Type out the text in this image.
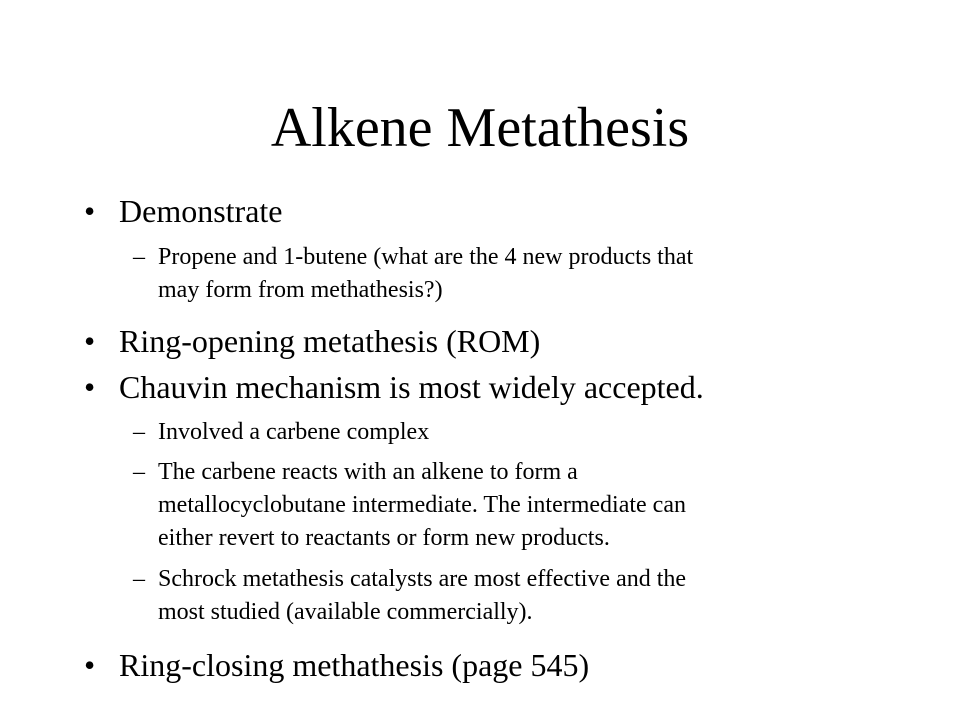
Alkene Metathesis
• Demonstrate
– Propene and 1-butene (what are the 4 new products that
may form from methathesis?)
• Ring-opening metathesis (ROM)
• Chauvin mechanism is most widely accepted.
– Involved a carbene complex
– The carbene reacts with an alkene to form a
metallocyclobutane intermediate. The intermediate can
either revert to reactants or form new products.
– Schrock metathesis catalysts are most effective and the
most studied (available commercially).
• Ring-closing methathesis (page 545)
